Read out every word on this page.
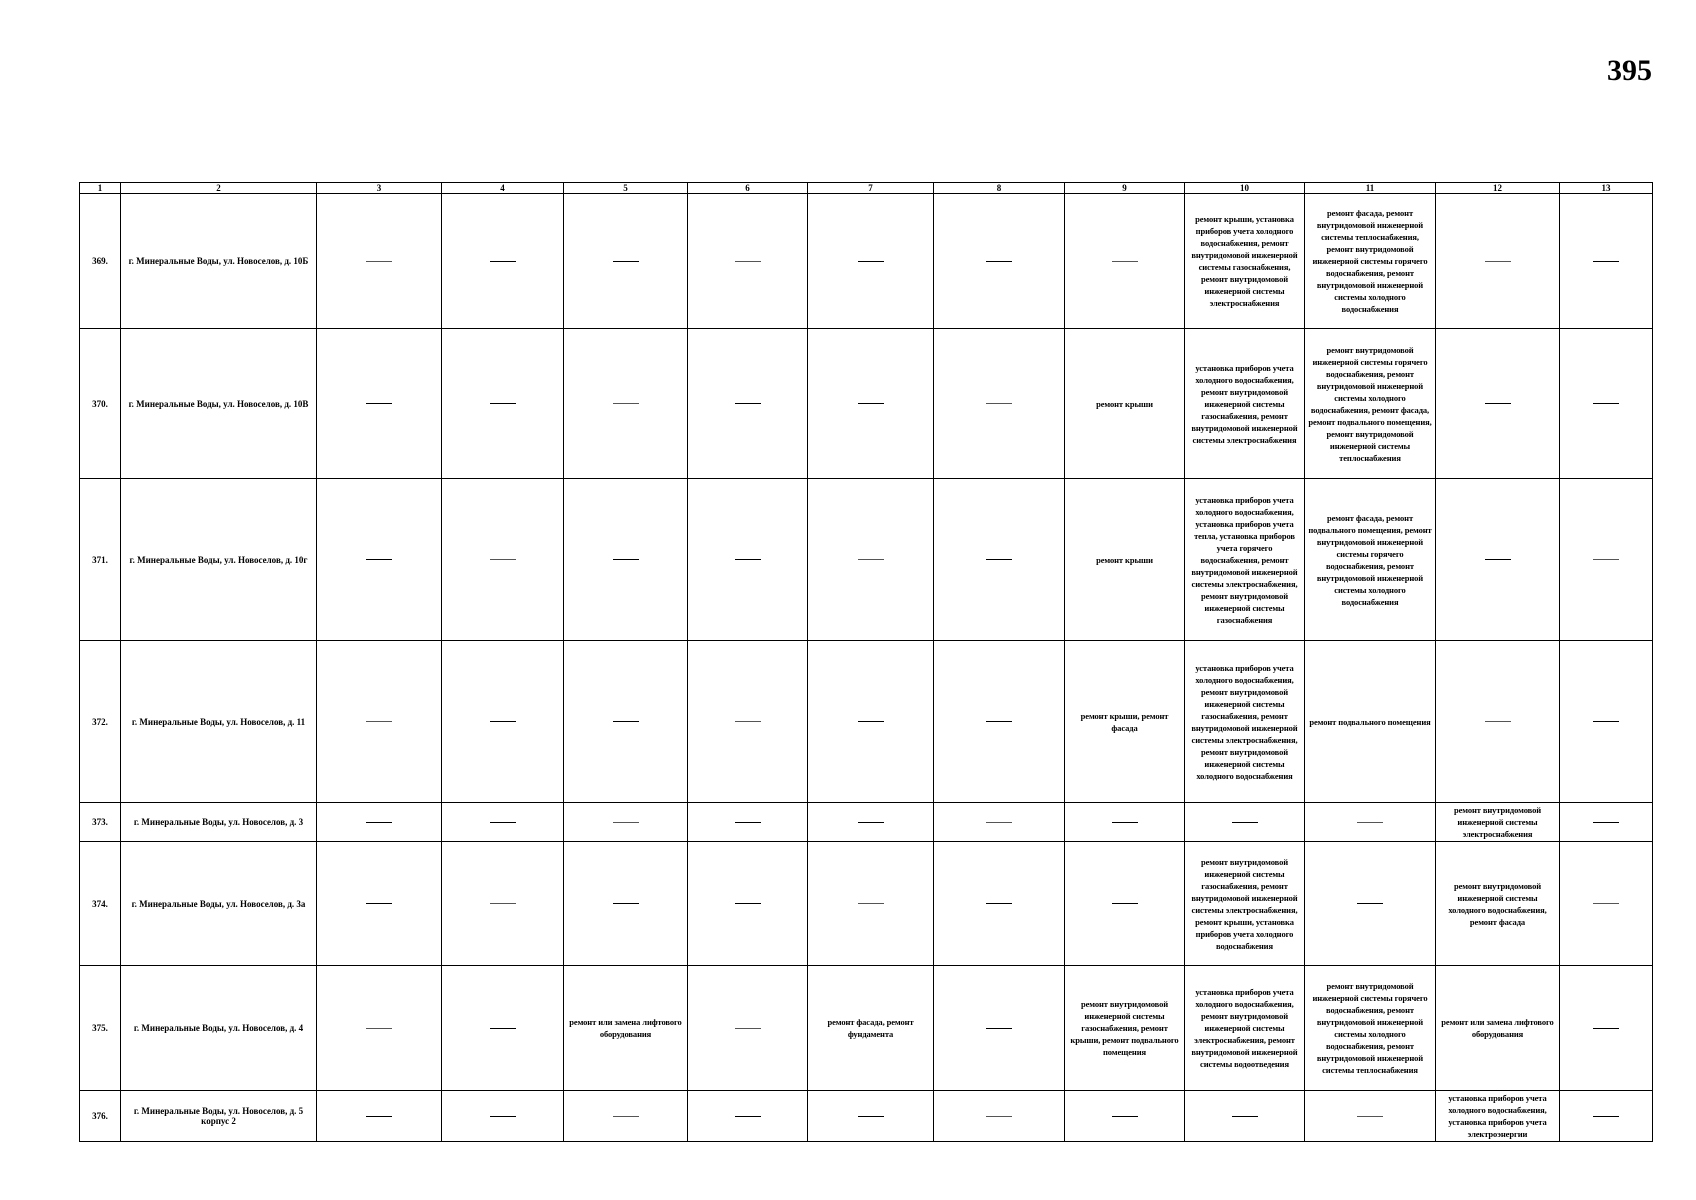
395
1	2	3	4	5	6	7	8	9	10	11	12	13
369.	г. Минеральные Воды, ул. Новоселов, д. 10Б								ремонт крыши, установка приборов учета холодного водоснабжения, ремонт внутридомовой инженерной системы газоснабжения, ремонт внутридомовой инженерной системы электроснабжения	ремонт фасада, ремонт внутридомовой инженерной системы теплоснабжения, ремонт внутридомовой инженерной системы горячего водоснабжения, ремонт внутридомовой инженерной системы холодного водоснабжения		
370.	г. Минеральные Воды, ул. Новоселов, д. 10В							ремонт крыши	установка приборов учета холодного водоснабжения, ремонт внутридомовой инженерной системы газоснабжения, ремонт внутридомовой инженерной системы электроснабжения	ремонт внутридомовой инженерной системы горячего водоснабжения, ремонт внутридомовой инженерной системы холодного водоснабжения, ремонт фасада, ремонт подвального помещения, ремонт внутридомовой инженерной системы теплоснабжения		
371.	г. Минеральные Воды, ул. Новоселов, д. 10г							ремонт крыши	установка приборов учета холодного водоснабжения, установка приборов учета тепла, установка приборов учета горячего водоснабжения, ремонт внутридомовой инженерной системы электроснабжения, ремонт внутридомовой инженерной системы газоснабжения	ремонт фасада, ремонт подвального помещения, ремонт внутридомовой инженерной системы горячего водоснабжения, ремонт внутридомовой инженерной системы холодного водоснабжения		
372.	г. Минеральные Воды, ул. Новоселов, д. 11							ремонт крыши, ремонт фасада	установка приборов учета холодного водоснабжения, ремонт внутридомовой инженерной системы газоснабжения, ремонт внутридомовой инженерной системы электроснабжения, ремонт внутридомовой инженерной системы холодного водоснабжения	ремонт подвального помещения		
373.	г. Минеральные Воды, ул. Новоселов, д. 3										ремонт внутридомовой инженерной системы электроснабжения	
374.	г. Минеральные Воды, ул. Новоселов, д. 3а								ремонт внутридомовой инженерной системы газоснабжения, ремонт внутридомовой инженерной системы электроснабжения, ремонт крыши, установка приборов учета холодного водоснабжения		ремонт внутридомовой инженерной системы холодного водоснабжения, ремонт фасада	
375.	г. Минеральные Воды, ул. Новоселов, д. 4			ремонт или замена лифтового оборудования		ремонт фасада, ремонт фундамента		ремонт внутридомовой инженерной системы газоснабжения, ремонт крыши, ремонт подвального помещения	установка приборов учета холодного водоснабжения, ремонт внутридомовой инженерной системы электроснабжения, ремонт внутридомовой инженерной системы водоотведения	ремонт внутридомовой инженерной системы горячего водоснабжения, ремонт внутридомовой инженерной системы холодного водоснабжения, ремонт внутридомовой инженерной системы теплоснабжения	ремонт или замена лифтового оборудования	
376.	г. Минеральные Воды, ул. Новоселов, д. 5 корпус 2										установка приборов учета холодного водоснабжения, установка приборов учета электроэнергии	
